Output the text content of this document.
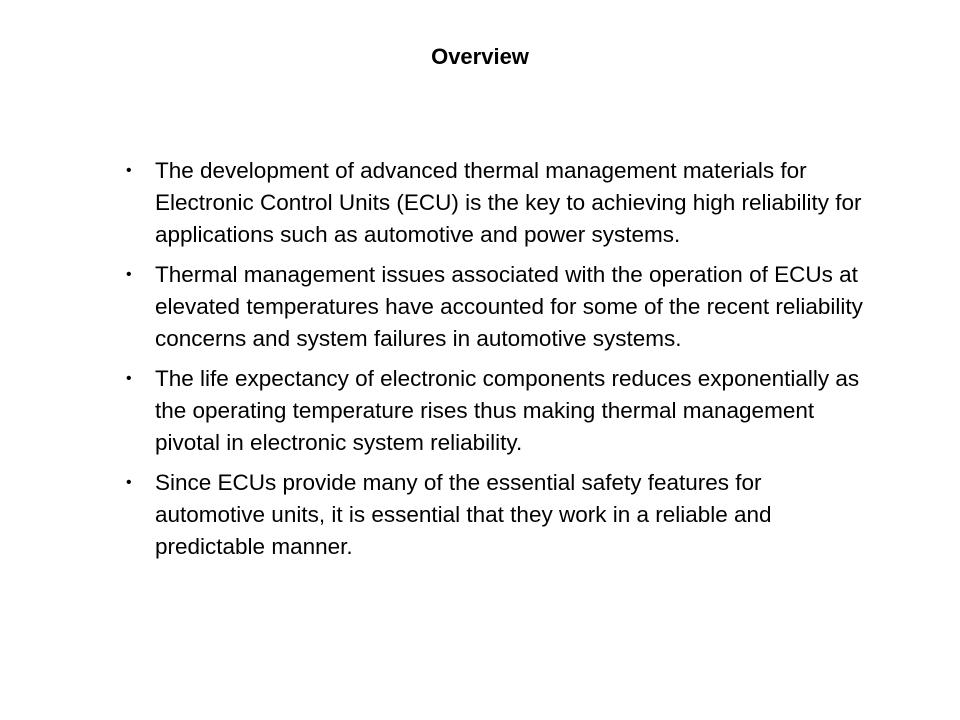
Overview
• The development of advanced thermal management materials for Electronic Control Units (ECU) is the key to achieving high reliability for applications such as automotive and power systems.
• Thermal management issues associated with the operation of ECUs at elevated temperatures have accounted for some of the recent reliability concerns and system failures in automotive systems.
• The life expectancy of electronic components reduces exponentially as the operating temperature rises thus making thermal management pivotal in electronic system reliability.
• Since ECUs provide many of the essential safety features for automotive units, it is essential that they work in a reliable and predictable manner.
